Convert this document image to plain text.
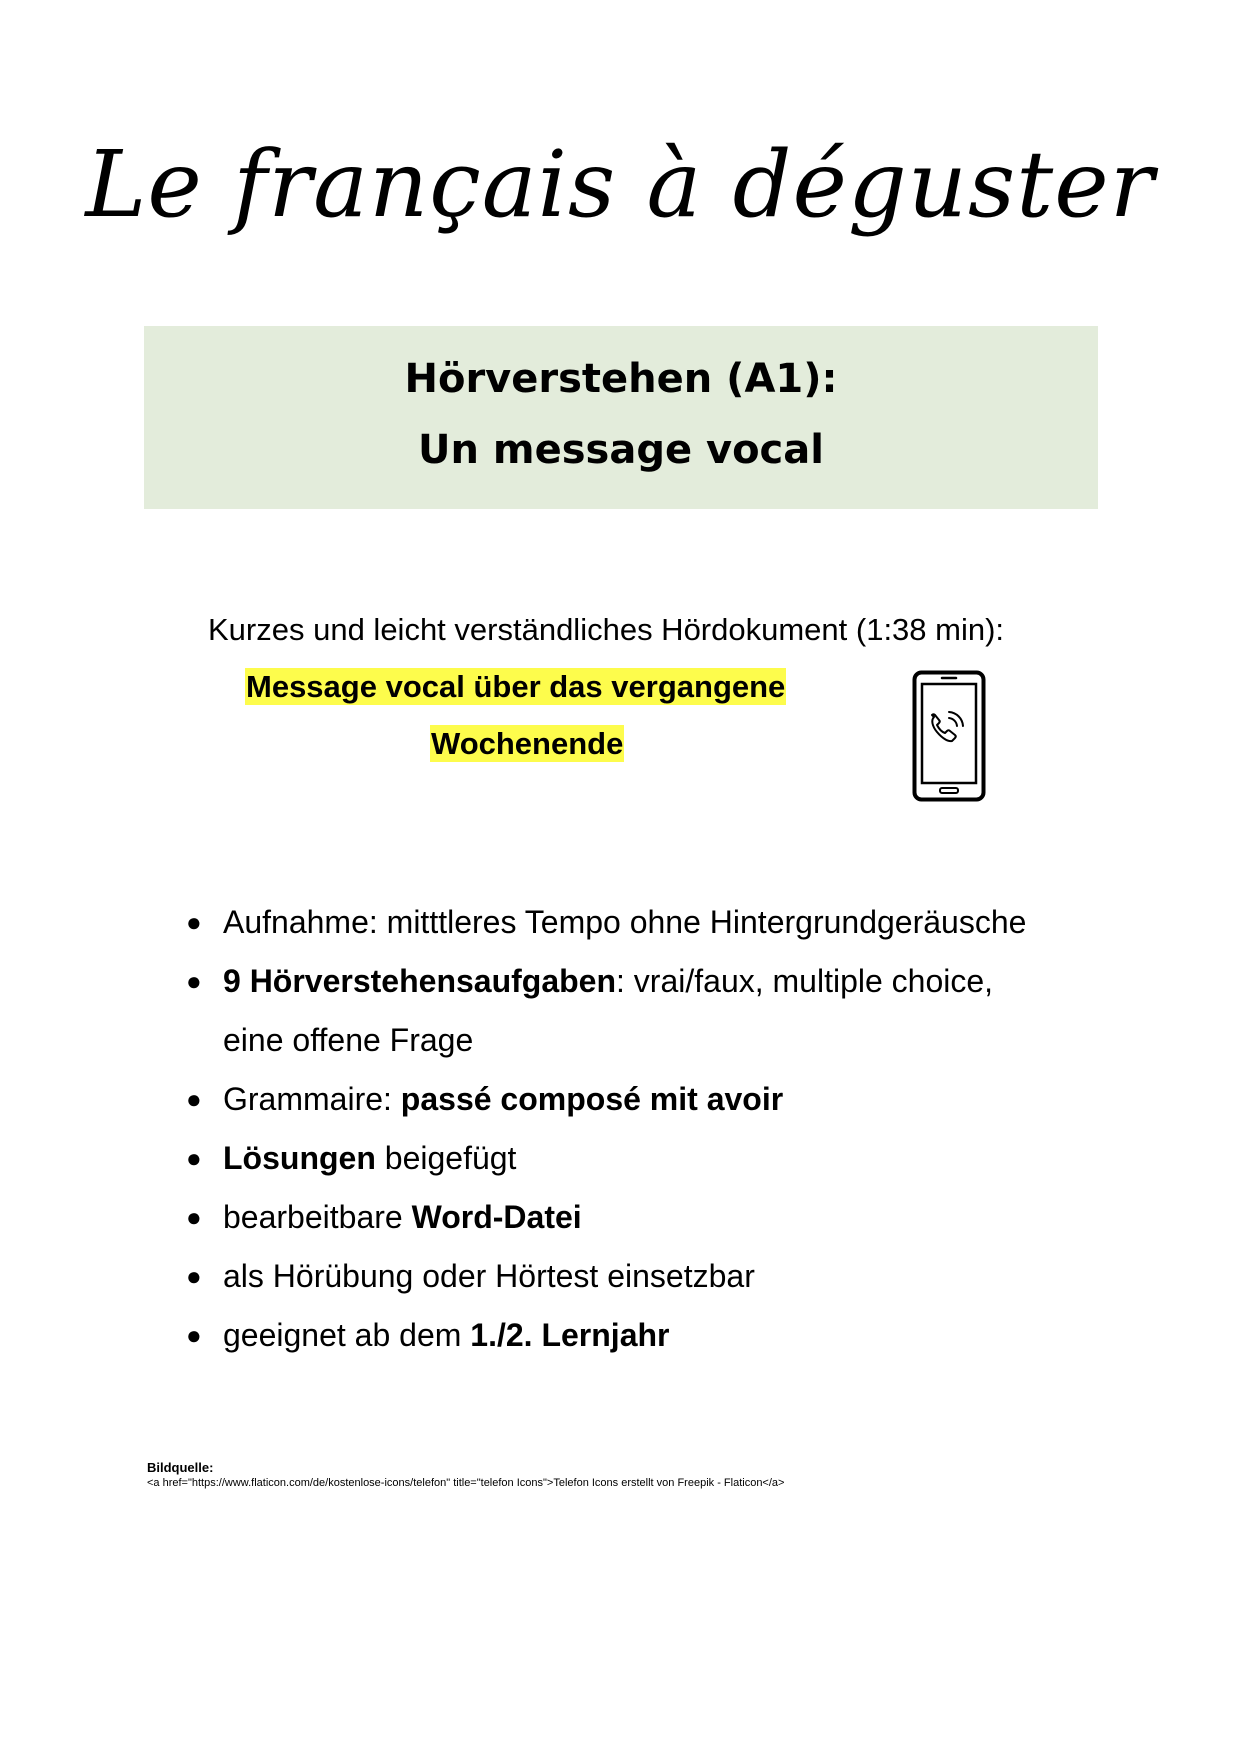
Le français à déguster
Hörverstehen (A1):
Un message vocal
Kurzes und leicht verständliches Hördokument (1:38 min):
Message vocal über das vergangene
Wochenende
● Aufnahme: mitttleres Tempo ohne Hintergrundgeräusche
● 9 Hörverstehensaufgaben: vrai/faux, multiple choice,
eine offene Frage
● Grammaire: passé composé mit avoir
● Lösungen beigefügt
● bearbeitbare Word-Datei
● als Hörübung oder Hörtest einsetzbar
● geeignet ab dem 1./2. Lernjahr
Bildquelle:
<a href="https://www.flaticon.com/de/kostenlose-icons/telefon" title="telefon Icons">Telefon Icons erstellt von Freepik - Flaticon</a>
